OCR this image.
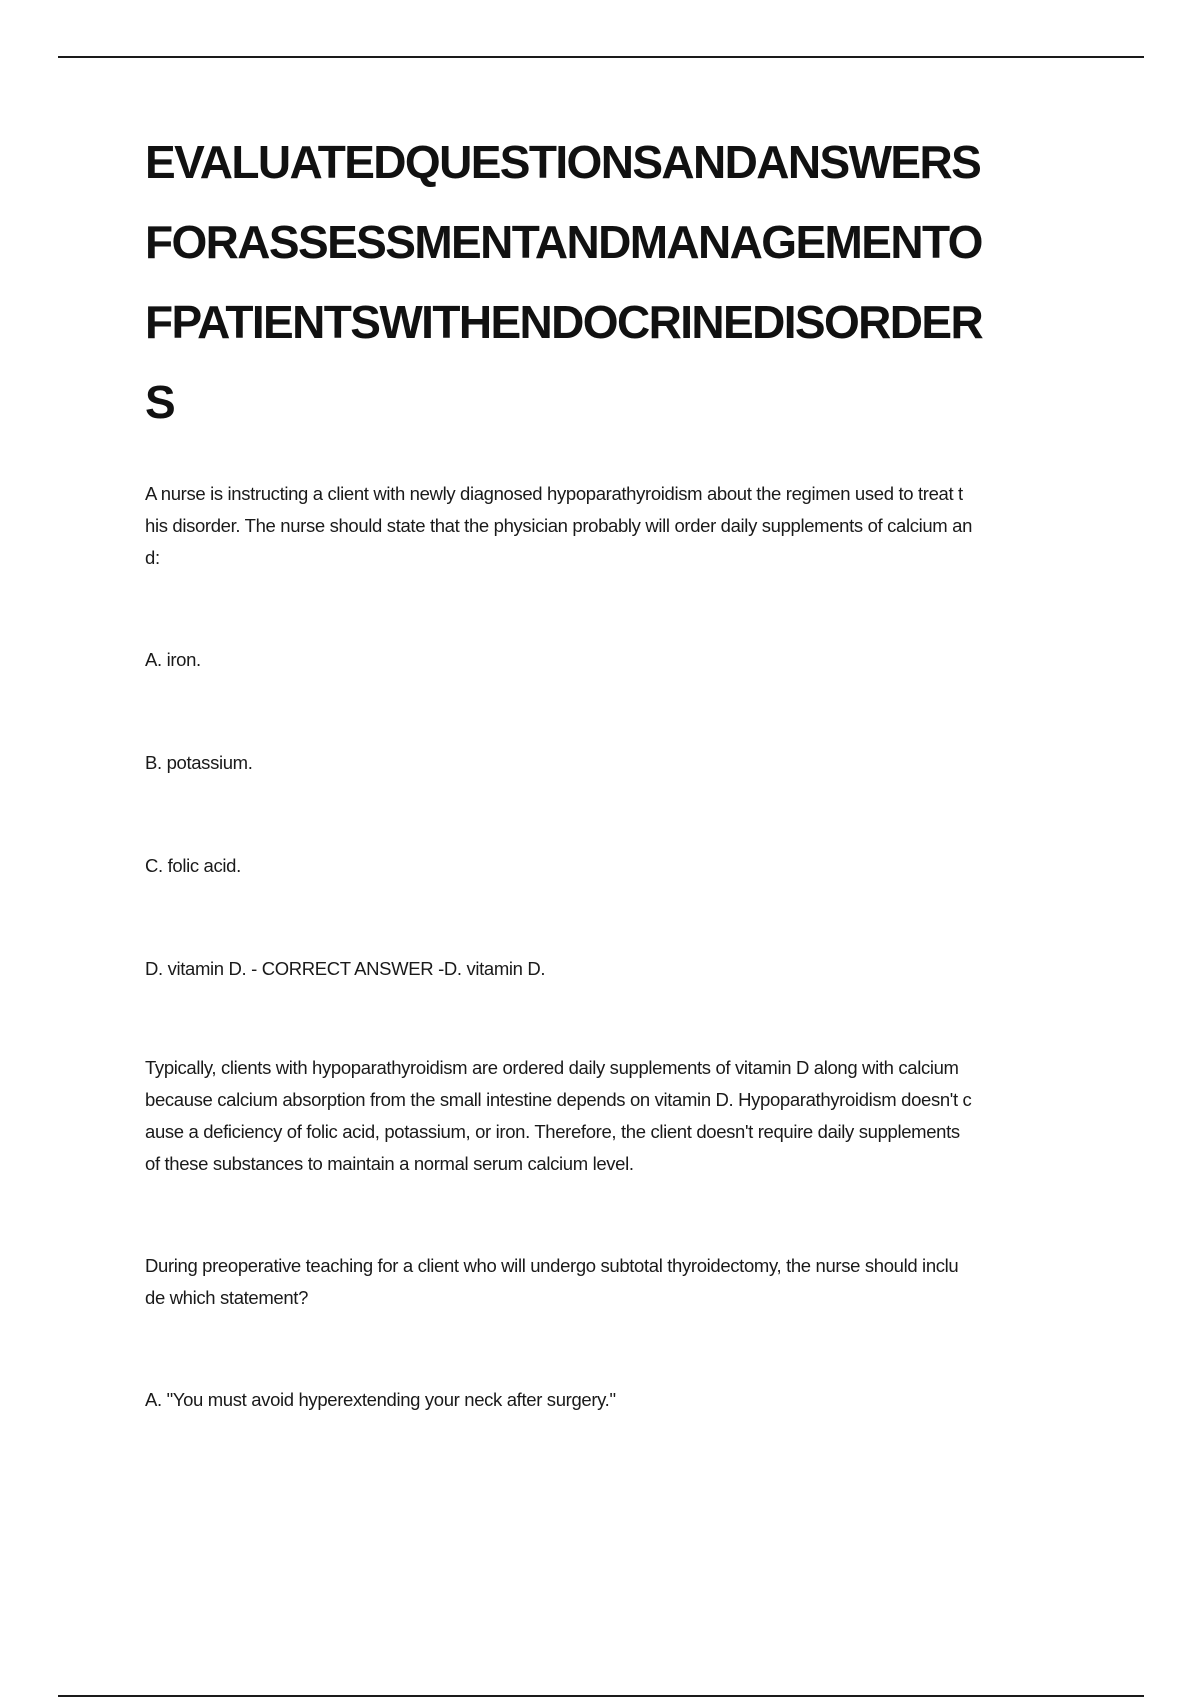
EVALUATEDQUESTIONSANDANSWERS
FORASSESSMENTANDMANAGEMENTO
FPATIENTSWITHENDOCRINEDISORDER
S
A nurse is instructing a client with newly diagnosed hypoparathyroidism about the regimen used to treat t
his disorder. The nurse should state that the physician probably will order daily supplements of calcium an
d:
A. iron.
B. potassium.
C. folic acid.
D. vitamin D. - CORRECT ANSWER -D. vitamin D.
Typically, clients with hypoparathyroidism are ordered daily supplements of vitamin D along with calcium
because calcium absorption from the small intestine depends on vitamin D. Hypoparathyroidism doesn't c
ause a deficiency of folic acid, potassium, or iron. Therefore, the client doesn't require daily supplements
of these substances to maintain a normal serum calcium level.
During preoperative teaching for a client who will undergo subtotal thyroidectomy, the nurse should inclu
de which statement?
A. "You must avoid hyperextending your neck after surgery."
